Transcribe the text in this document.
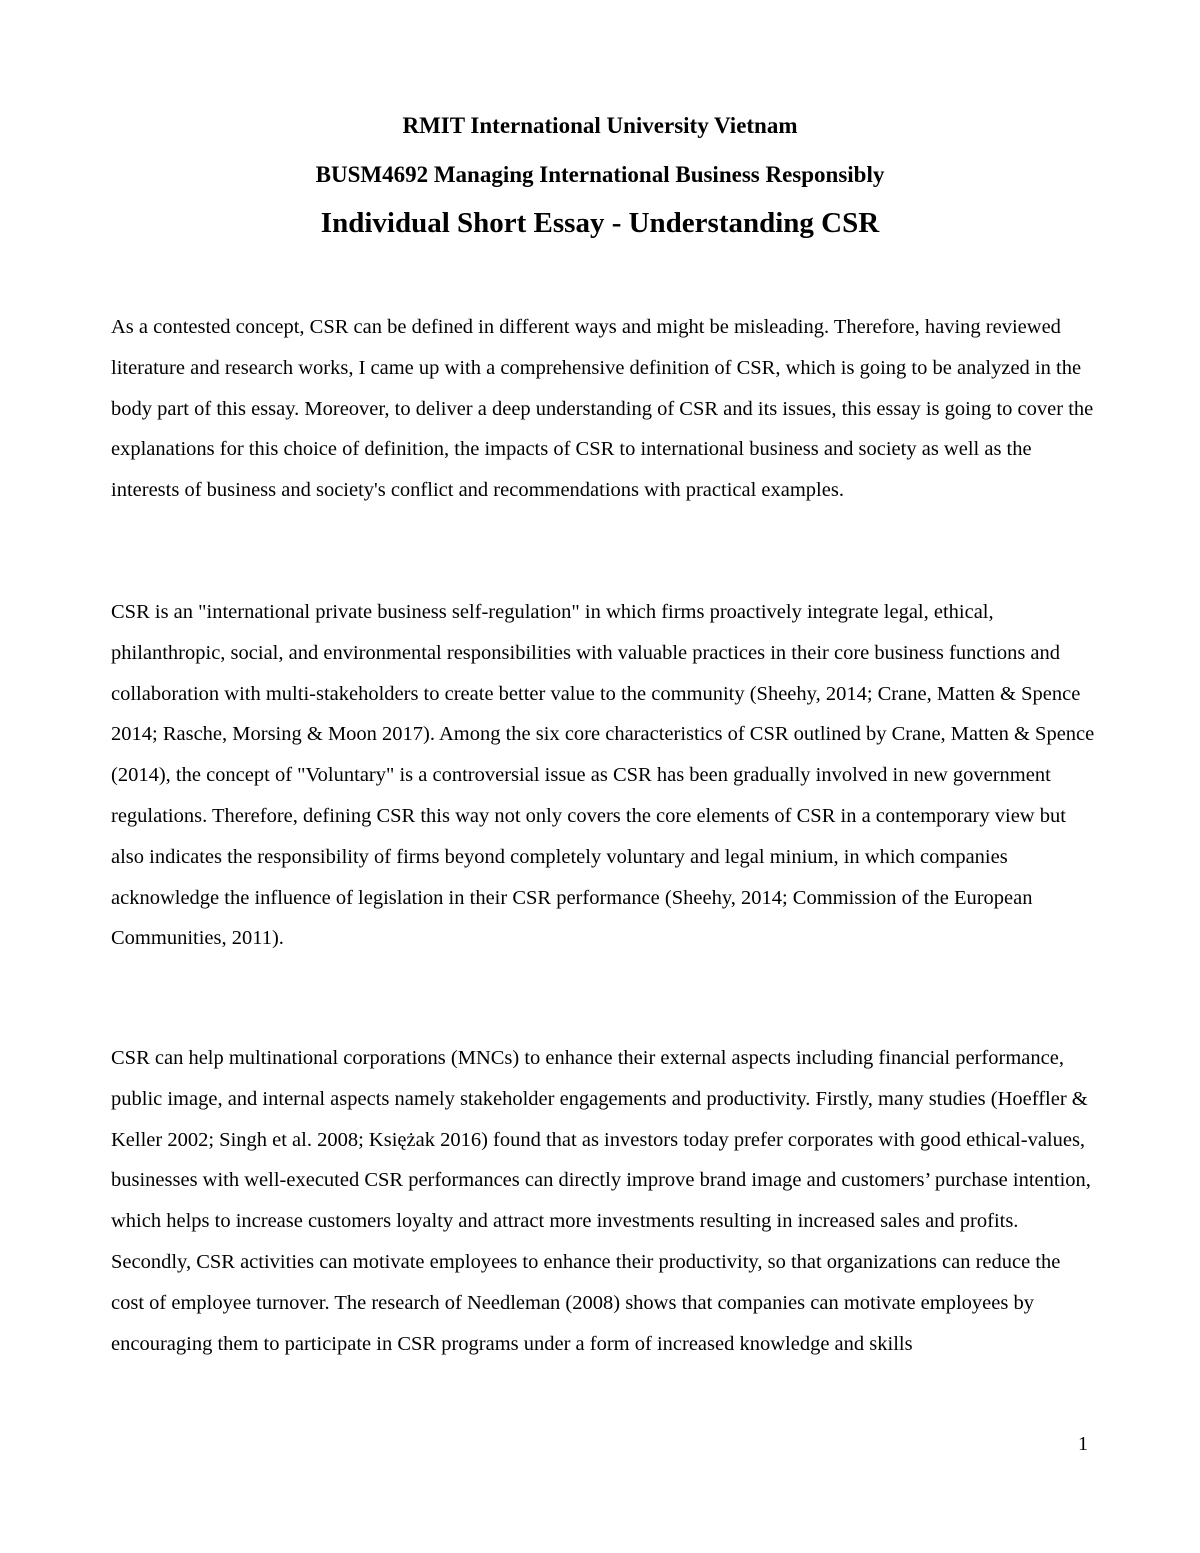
RMIT International University Vietnam
BUSM4692 Managing International Business Responsibly
Individual Short Essay - Understanding CSR

As a contested concept, CSR can be defined in different ways and might be misleading. Therefore, having reviewed literature and research works, I came up with a comprehensive definition of CSR, which is going to be analyzed in the body part of this essay. Moreover, to deliver a deep understanding of CSR and its issues, this essay is going to cover the explanations for this choice of definition, the impacts of CSR to international business and society as well as the interests of business and society's conflict and recommendations with practical examples.

CSR is an "international private business self-regulation" in which firms proactively integrate legal, ethical, philanthropic, social, and environmental responsibilities with valuable practices in their core business functions and collaboration with multi-stakeholders to create better value to the community (Sheehy, 2014; Crane, Matten & Spence 2014; Rasche, Morsing & Moon 2017). Among the six core characteristics of CSR outlined by Crane, Matten & Spence (2014), the concept of "Voluntary" is a controversial issue as CSR has been gradually involved in new government regulations. Therefore, defining CSR this way not only covers the core elements of CSR in a contemporary view but also indicates the responsibility of firms beyond completely voluntary and legal minium, in which companies acknowledge the influence of legislation in their CSR performance (Sheehy, 2014; Commission of the European Communities, 2011).

CSR can help multinational corporations (MNCs) to enhance their external aspects including financial performance, public image, and internal aspects namely stakeholder engagements and productivity. Firstly, many studies (Hoeffler & Keller 2002; Singh et al. 2008; Księżak 2016) found that as investors today prefer corporates with good ethical-values, businesses with well-executed CSR performances can directly improve brand image and customers’ purchase intention, which helps to increase customers loyalty and attract more investments resulting in increased sales and profits. Secondly, CSR activities can motivate employees to enhance their productivity, so that organizations can reduce the cost of employee turnover. The research of Needleman (2008) shows that companies can motivate employees by encouraging them to participate in CSR programs under a form of increased knowledge and skills

1
